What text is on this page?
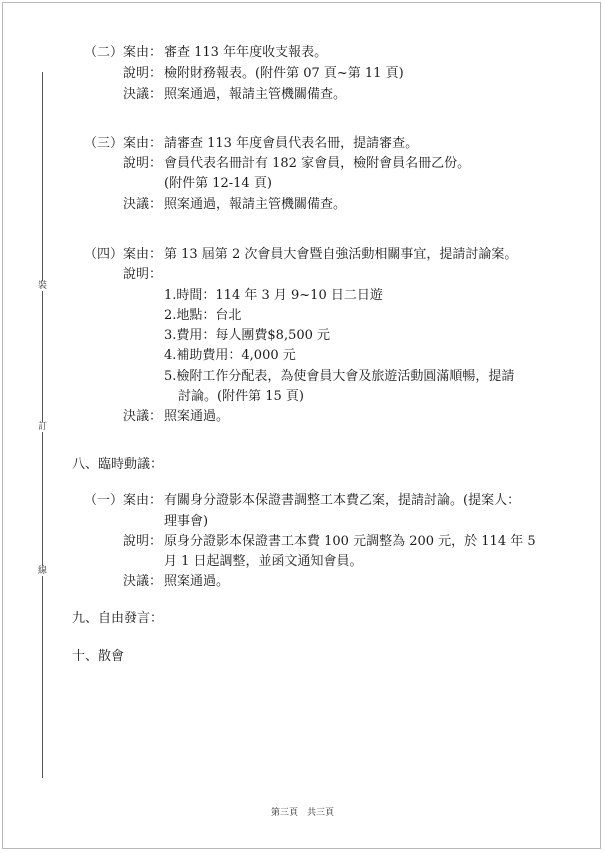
裝
訂
線
（二）案由： 審查 113 年年度收支報表。
說明： 檢附財務報表。(附件第 07 頁~第 11 頁)
決議： 照案通過，報請主管機關備查。
（三）案由： 請審查 113 年度會員代表名冊，提請審查。
說明： 會員代表名冊計有 182 家會員，檢附會員名冊乙份。
(附件第 12-14 頁)
決議： 照案通過，報請主管機關備查。
（四）案由： 第 13 屆第 2 次會員大會暨自強活動相關事宜，提請討論案。
說明：
1.時間：114 年 3 月 9~10 日二日遊
2.地點：台北
3.費用：每人團費$8,500 元
4.補助費用：4,000 元
5.檢附工作分配表，為使會員大會及旅遊活動圓滿順暢，提請
討論。(附件第 15 頁)
決議： 照案通過。
八、臨時動議：
（一）案由： 有關身分證影本保證書調整工本費乙案，提請討論。(提案人：
理事會)
說明： 原身分證影本保證書工本費 100 元調整為 200 元，於 114 年 5
月 1 日起調整，並函文通知會員。
決議： 照案通過。
九、自由發言：
十、散會
第三頁　共三頁
